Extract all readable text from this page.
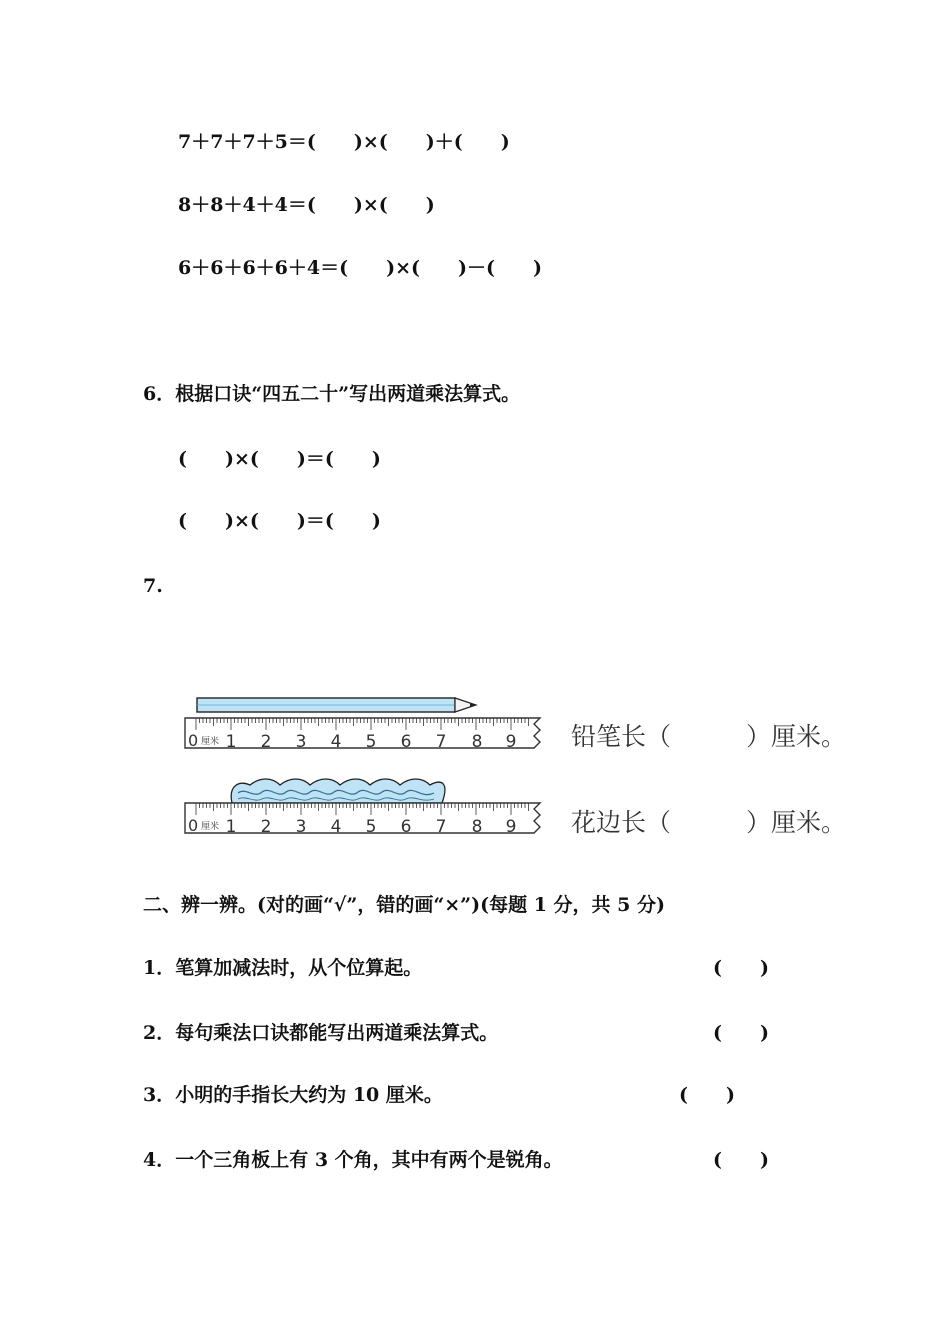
7＋7＋7＋5＝(　　)×(　　)＋(　　)
8＋8＋4＋4＝(　　)×(　　)
6＋6＋6＋6＋4＝(　　)×(　　)－(　　)
6．根据口诀“四五二十”写出两道乘法算式。
(　　)×(　　)＝(　　)
(　　)×(　　)＝(　　)
7.
0 厘米 1 2 3 4 5 6 7 8 9 铅笔长（　　　）厘米。
0 厘米 1 2 3 4 5 6 7 8 9 花边长（　　　）厘米。
二、辨一辨。(对的画“√”，错的画“×”)(每题 1 分，共 5 分)
1．笔算加减法时，从个位算起。	(　　)
2．每句乘法口诀都能写出两道乘法算式。	(　　)
3．小明的手指长大约为 10 厘米。	(　　)
4．一个三角板上有 3 个角，其中有两个是锐角。	(　　)
